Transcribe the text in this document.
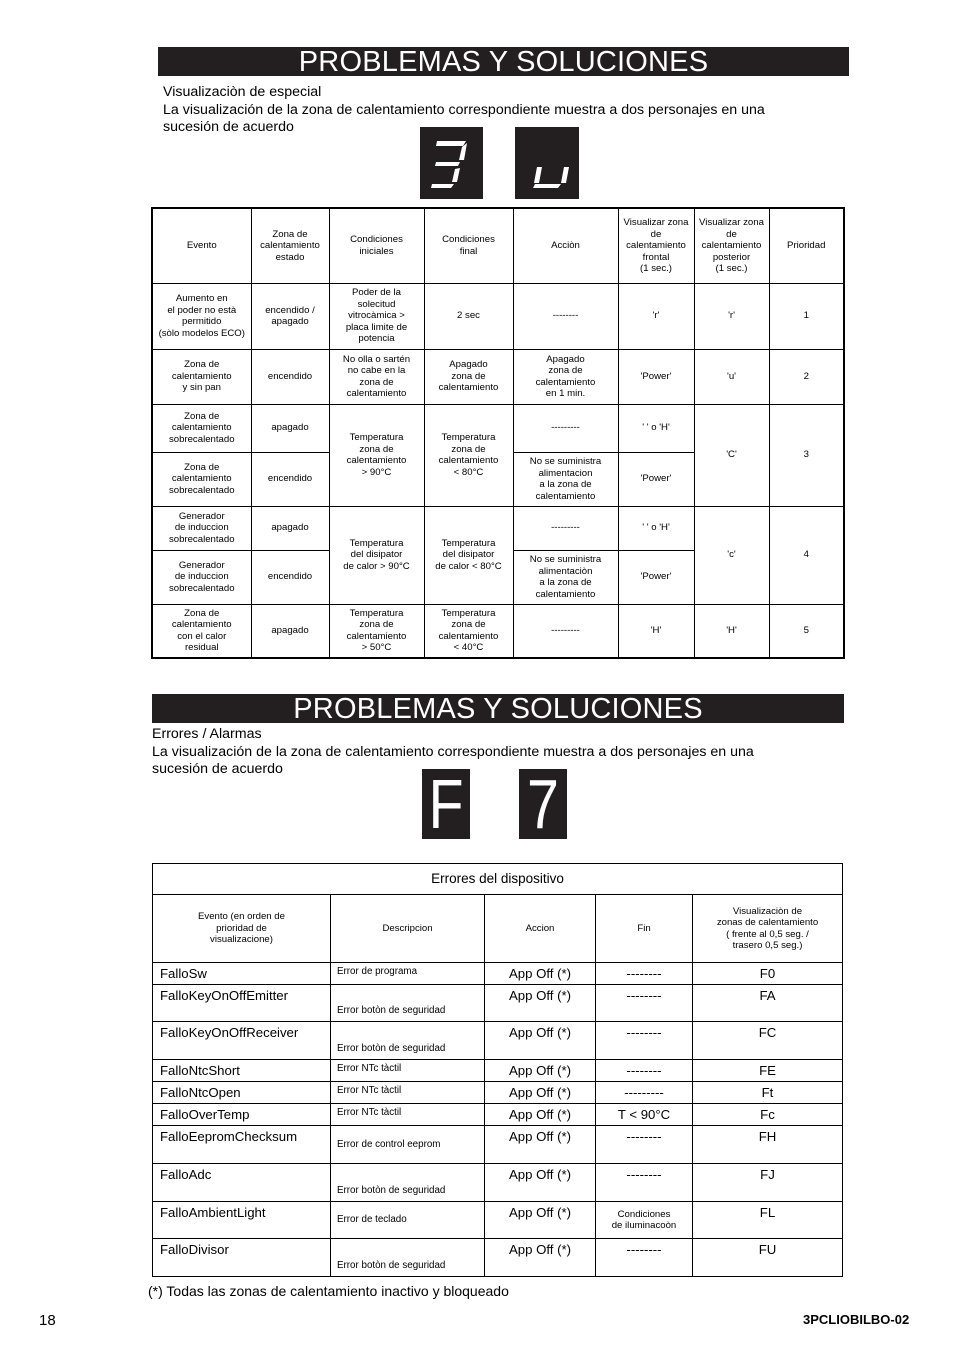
PROBLEMAS Y SOLUCIONES
Visualizaciòn de especial
La visualización de la zona de calentamiento correspondiente muestra a dos personajes en una
sucesión de acuerdo
Evento	Zona de
calentamiento
estado	Condiciones
iniciales	Condiciones
final	Acciòn	Visualizar zona
de
calentamiento
frontal
(1 sec.)	Visualizar zona
de
calentamiento
posterior
(1 sec.)	Prioridad

Aumento en
el poder no està
permitido
(sòlo modelos ECO)	encendido /
apagado	Poder de la
solecitud
vitrocàmica >
placa limite de
potencia	2 sec	--------	'r'	'r'	1

Zona de
calentamiento
y sin pan	encendido	No olla o sartén
no cabe en la
zona de
calentamiento	Apagado
zona de
calentamiento	Apagado
zona de
calentamiento
en 1 min.	'Power'	'u'	2

Zona de
calentamiento
sobrecalentado	apagado	Temperatura
zona de
calentamiento
> 90°C	Temperatura
zona de
calentamiento
< 80°C	---------	' ' o 'H'	'C'	3

Zona de
calentamiento
sobrecalentado	encendido			No se suministra
alimentacion
a la zona de
calentamiento	'Power'		

Generador
de induccion
sobrecalentado	apagado	Temperatura
del disipator
de calor > 90°C	Temperatura
del disipator
de calor < 80°C	---------	' ' o 'H'	'c'	4

Generador
de induccion
sobrecalentado	encendido			No se suministra
alimentaciòn
a la zona de
calentamiento	'Power'		

Zona de
calentamiento
con el calor
residual	apagado	Temperatura
zona de
calentamiento
> 50°C	Temperatura
zona de
calentamiento
< 40°C	---------	'H'	'H'	5
PROBLEMAS Y SOLUCIONES
Errores / Alarmas
La visualización de la zona de calentamiento correspondiente muestra a dos personajes en una
sucesión de acuerdo	F 7
Errores del dispositivo				

Evento (en orden de
prioridad de
visualizacione)	Descripcion	Accion	Fin	Visualizaciòn de
zonas de calentamiento
( frente al 0,5 seg. /
trasero 0,5 seg.)

FalloSw	Error de programa	App Off (*)	--------	F0
FalloKeyOnOffEmitter	Error botòn de seguridad	App Off (*)	--------	FA
FalloKeyOnOffReceiver	Error botòn de seguridad	App Off (*)	--------	FC
FalloNtcShort	Error NTc tàctil	App Off (*)	--------	FE
FalloNtcOpen	Error NTc tàctil	App Off (*)	---------	Ft
FalloOverTemp	Error NTc tàctil	App Off (*)	T < 90°C	Fc
FalloEepromChecksum	Error de control eeprom	App Off (*)	--------	FH
FalloAdc	Error botòn de seguridad	App Off (*)	--------	FJ
FalloAmbientLight	Error de teclado	App Off (*)	Condiciones
de iluminacoòn	FL
FalloDivisor	Error botòn de seguridad	App Off (*)	--------	FU
(*) Todas las zonas de calentamiento inactivo y bloqueado
18	3PCLIOBILBO-02
